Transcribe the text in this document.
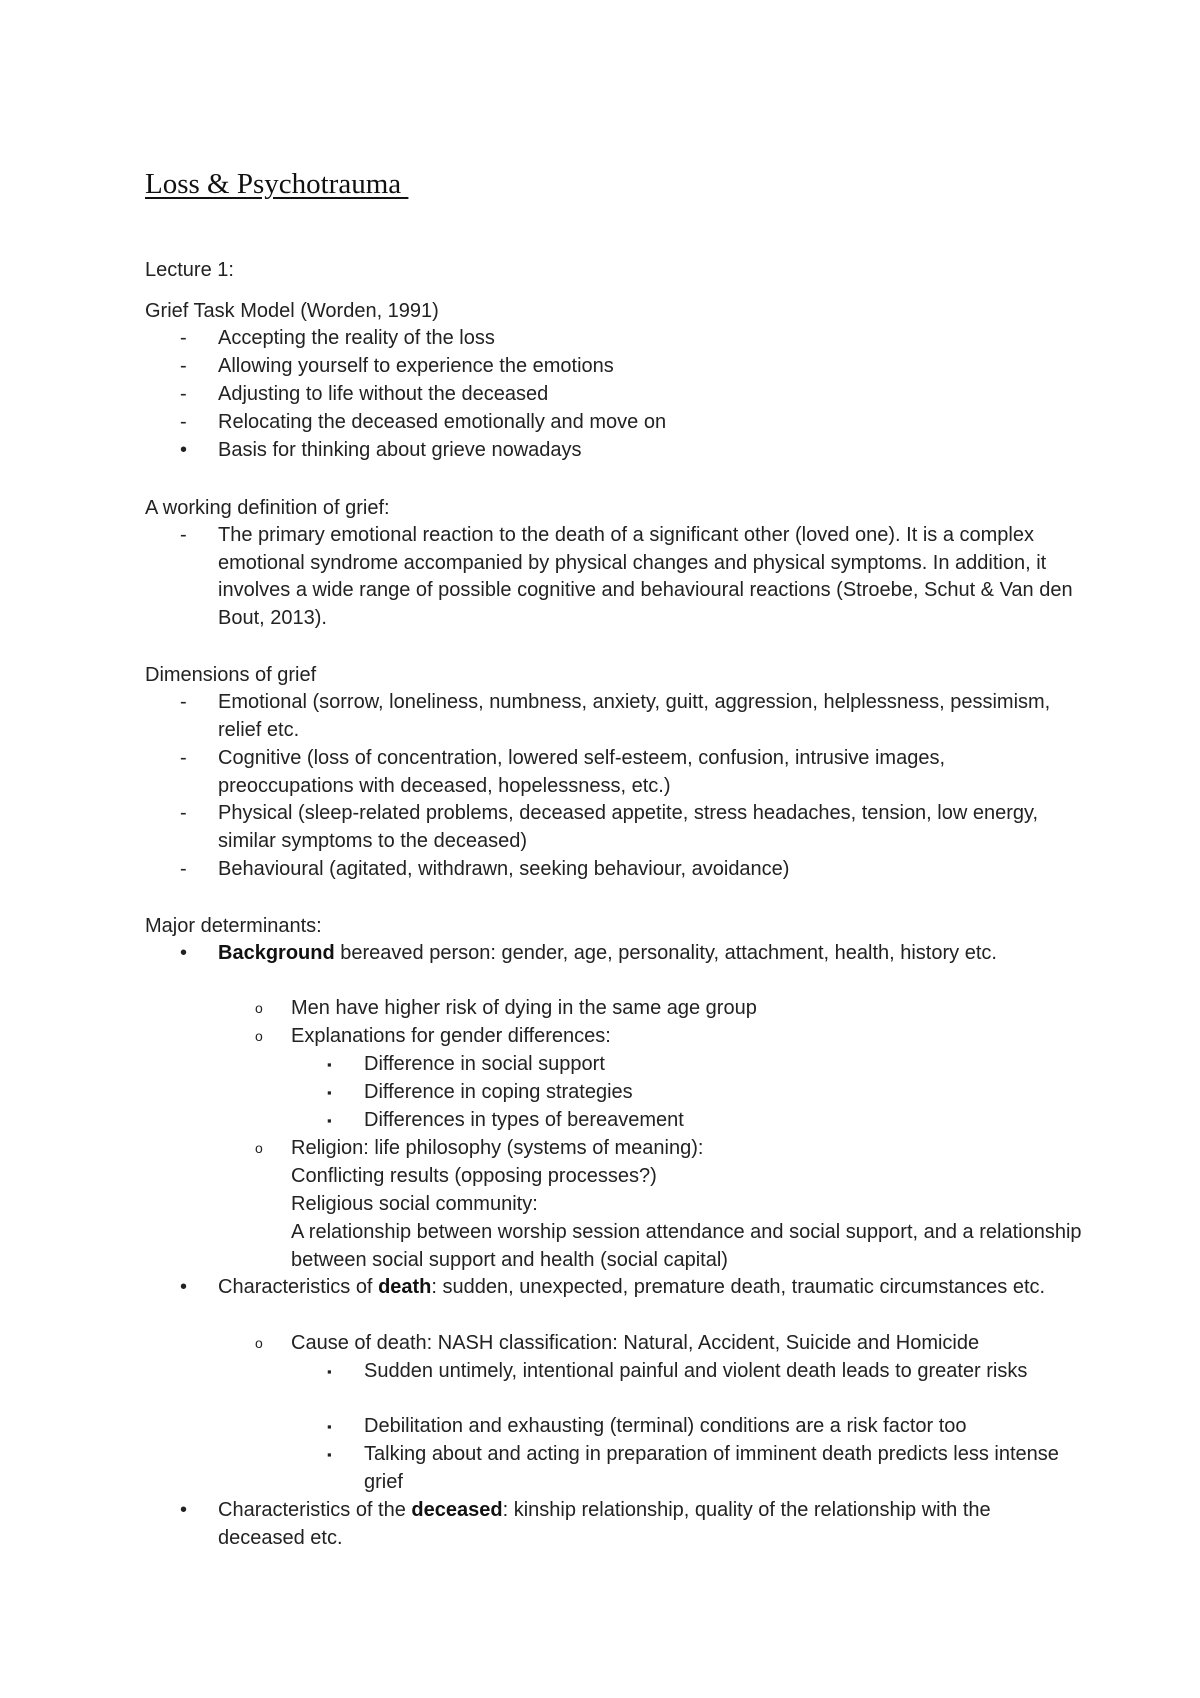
Loss & Psychotrauma
Lecture 1:
Grief Task Model (Worden, 1991)
- Accepting the reality of the loss
- Allowing yourself to experience the emotions
- Adjusting to life without the deceased
- Relocating the deceased emotionally and move on
• Basis for thinking about grieve nowadays
A working definition of grief:
- The primary emotional reaction to the death of a significant other (loved one). It is a complex emotional syndrome accompanied by physical changes and physical symptoms. In addition, it involves a wide range of possible cognitive and behavioural reactions (Stroebe, Schut & Van den Bout, 2013).
Dimensions of grief
- Emotional (sorrow, loneliness, numbness, anxiety, guitt, aggression, helplessness, pessimism, relief etc.
- Cognitive (loss of concentration, lowered self-esteem, confusion, intrusive images, preoccupations with deceased, hopelessness, etc.)
- Physical (sleep-related problems, deceased appetite, stress headaches, tension, low energy, similar symptoms to the deceased)
- Behavioural (agitated, withdrawn, seeking behaviour, avoidance)
Major determinants:
• Background bereaved person: gender, age, personality, attachment, health, history etc.
o Men have higher risk of dying in the same age group
o Explanations for gender differences:
▪ Difference in social support
▪ Difference in coping strategies
▪ Differences in types of bereavement
o Religion: life philosophy (systems of meaning):
Conflicting results (opposing processes?)
Religious social community:
A relationship between worship session attendance and social support, and a relationship between social support and health (social capital)
• Characteristics of death: sudden, unexpected, premature death, traumatic circumstances etc.
o Cause of death: NASH classification: Natural, Accident, Suicide and Homicide
▪ Sudden untimely, intentional painful and violent death leads to greater risks
▪ Debilitation and exhausting (terminal) conditions are a risk factor too
▪ Talking about and acting in preparation of imminent death predicts less intense grief
• Characteristics of the deceased: kinship relationship, quality of the relationship with the deceased etc.
